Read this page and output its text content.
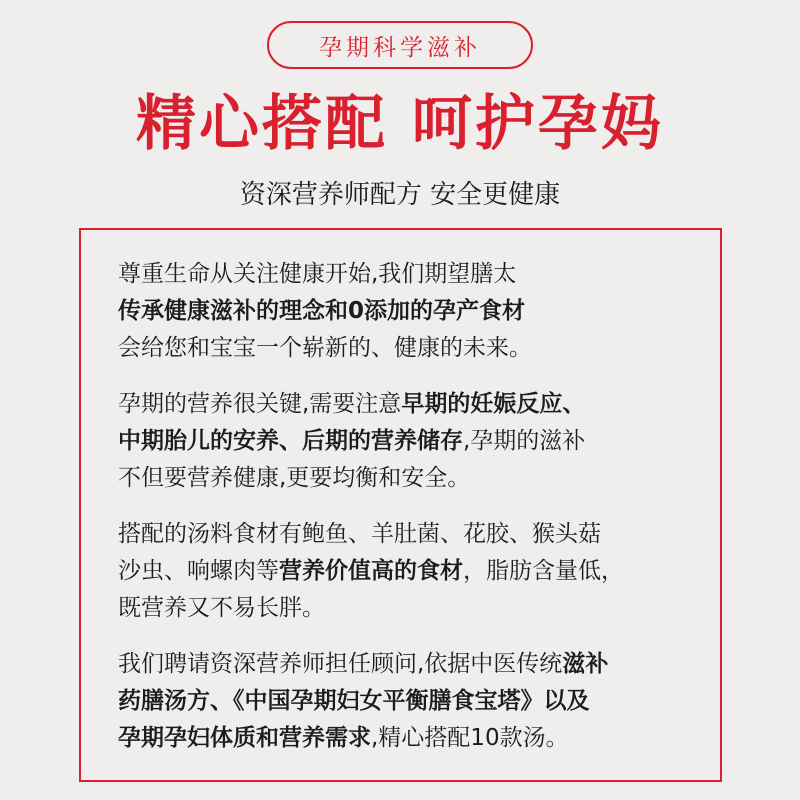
孕期科学滋补
精心搭配 呵护孕妈
资深营养师配方 安全更健康
尊重生命从关注健康开始,我们期望膳太
传承健康滋补的理念和0添加的孕产食材
会给您和宝宝一个崭新的、健康的未来。
孕期的营养很关键,需要注意早期的妊娠反应、
中期胎儿的安养、后期的营养储存,孕期的滋补
不但要营养健康,更要均衡和安全。
搭配的汤料食材有鲍鱼、羊肚菌、花胶、猴头菇
沙虫、响螺肉等营养价值高的食材，脂肪含量低，
既营养又不易长胖。
我们聘请资深营养师担任顾问,依据中医传统滋补
药膳汤方、《中国孕期妇女平衡膳食宝塔》以及
孕期孕妇体质和营养需求,精心搭配10款汤。
